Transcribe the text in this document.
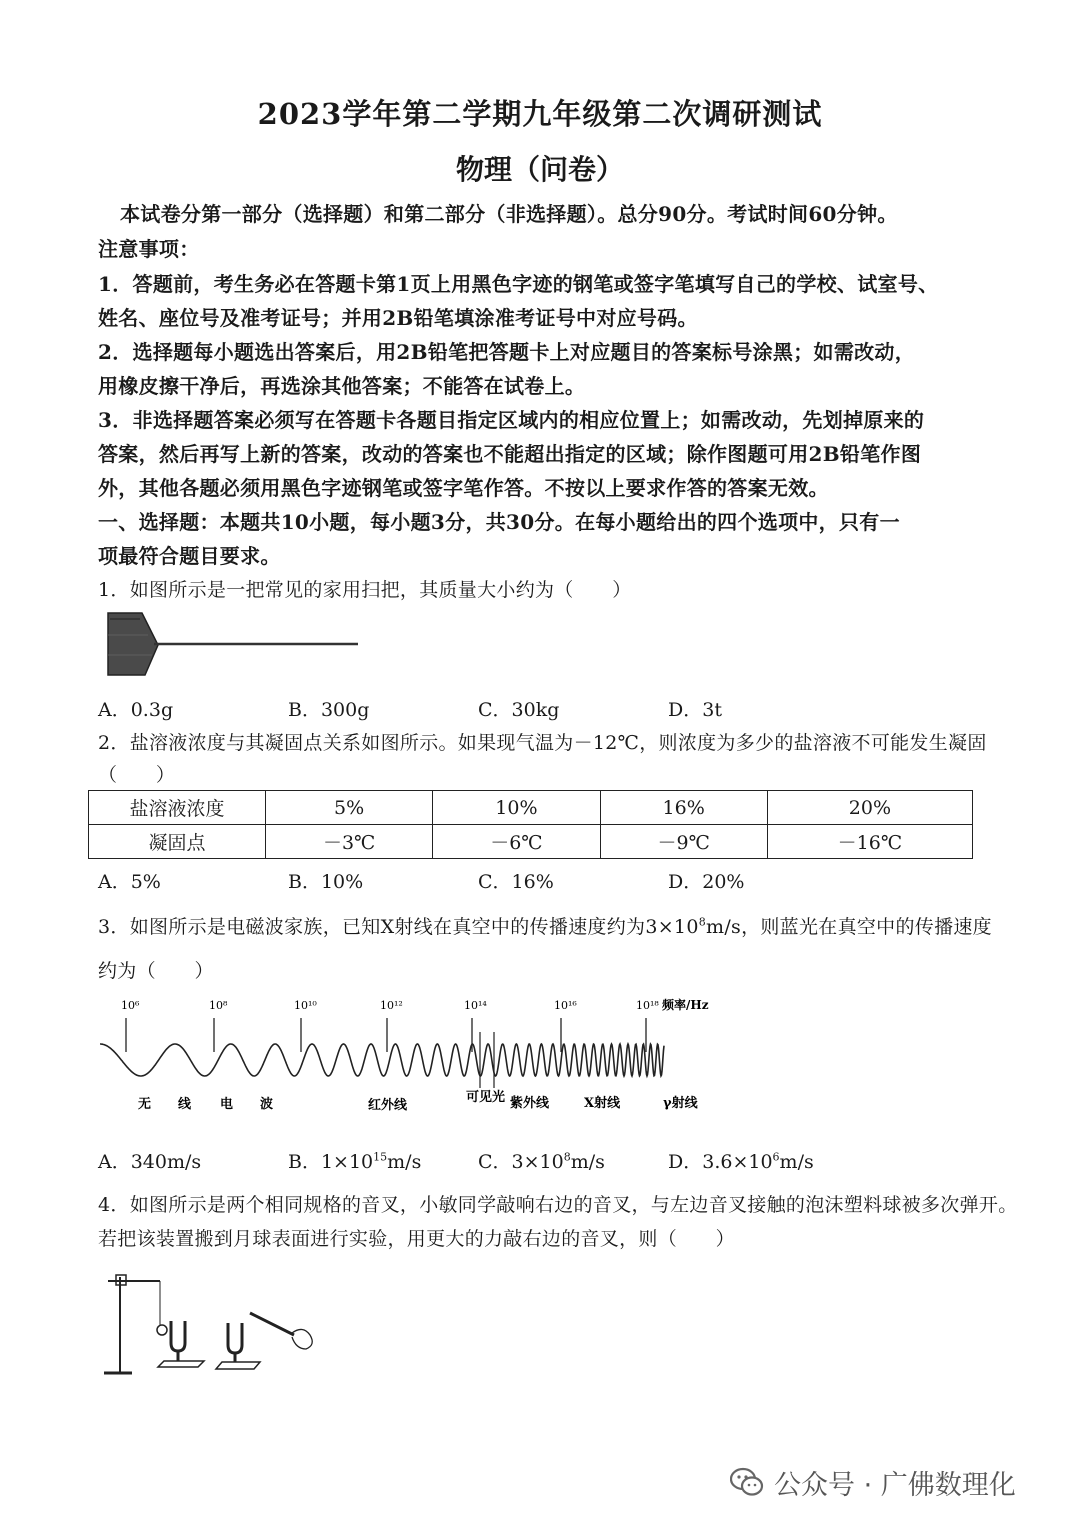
2023学年第二学期九年级第二次调研测试
物理（问卷）
本试卷分第一部分（选择题）和第二部分（非选择题）。总分90分。考试时间60分钟。
注意事项：
1．答题前，考生务必在答题卡第1页上用黑色字迹的钢笔或签字笔填写自己的学校、试室号、
姓名、座位号及准考证号；并用2B铅笔填涂准考证号中对应号码。
2．选择题每小题选出答案后，用2B铅笔把答题卡上对应题目的答案标号涂黑；如需改动，
用橡皮擦干净后，再选涂其他答案；不能答在试卷上。
3．非选择题答案必须写在答题卡各题目指定区域内的相应位置上；如需改动，先划掉原来的
答案，然后再写上新的答案，改动的答案也不能超出指定的区域；除作图题可用2B铅笔作图
外，其他各题必须用黑色字迹钢笔或签字笔作答。不按以上要求作答的答案无效。
一、选择题：本题共10小题，每小题3分，共30分。在每小题给出的四个选项中，只有一
项最符合题目要求。
1．如图所示是一把常见的家用扫把，其质量大小约为（　　）
A．0.3g	B．300g	C．30kg	D．3t
2．盐溶液浓度与其凝固点关系如图所示。如果现气温为－12℃，则浓度为多少的盐溶液不可能发生凝固
（　　）
盐溶液浓度	5%	10%	16%	20%
凝固点	－3℃	－6℃	－9℃	－16℃
A．5%	B．10%	C．16%	D．20%
3．如图所示是电磁波家族，已知X射线在真空中的传播速度约为$3\times 10^8m/s$，则蓝光在真空中的传播速度
约为（　　）
10⁶	10⁸	10¹⁰	10¹²	10¹⁴	10¹⁶	10¹⁸ 频率/Hz
无 线 电 波	红外线
可见光 紫外线	X射线	γ射线
A．340m/s	B．$1\times 10^{15}m/s$	C．$3\times 10^8m/s$	D．$3.6\times 10^6m/s$
4．如图所示是两个相同规格的音叉，小敏同学敲响右边的音叉，与左边音叉接触的泡沫塑料球被多次弹开。
若把该装置搬到月球表面进行实验，用更大的力敲右边的音叉，则（　　）
公众号 · 广佛数理化
